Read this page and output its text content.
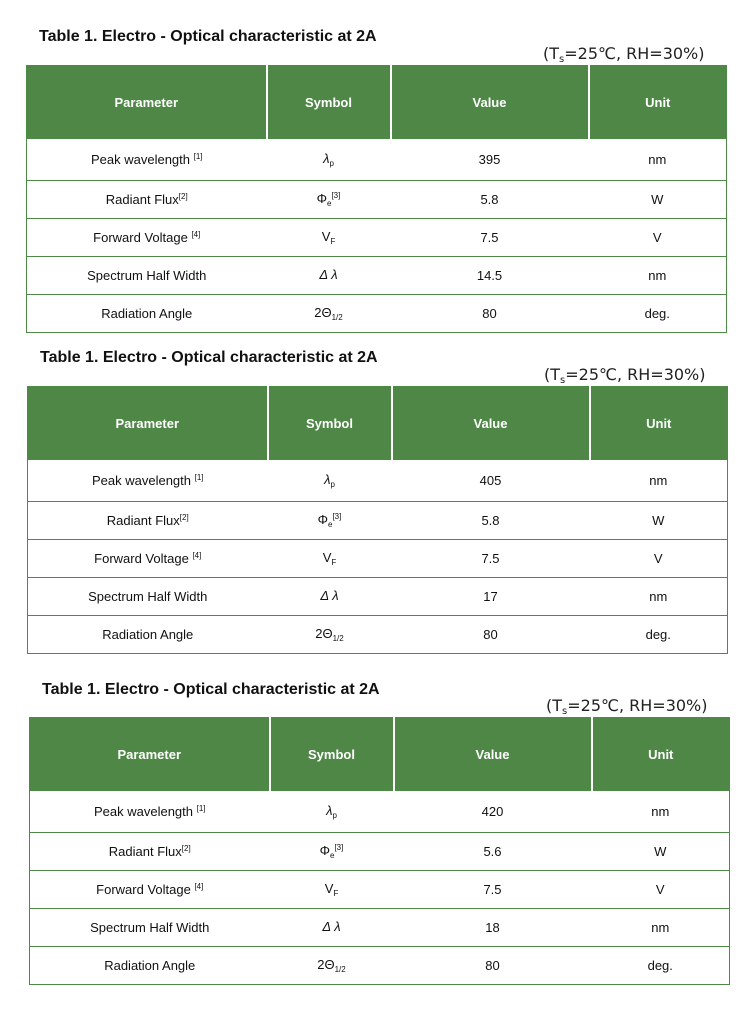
Table 1. Electro - Optical characteristic at 2A
($T_s=25℃$, RH=30%)
Parameter	Symbol	Value	Unit
Peak wavelength [1]	$\lambda_p$	395	nm
Radiant Flux[2]	$\Phi_e[3]$	5.8	W
Forward Voltage [4]	$V_F$	7.5	V
Spectrum Half Width	Δ λ	14.5	nm
Radiation Angle	$2\Theta_{1/2}$	80	deg.
Table 1. Electro - Optical characteristic at 2A
($T_s=25℃$, RH=30%)
Parameter	Symbol	Value	Unit
Peak wavelength [1]	$\lambda_p$	405	nm
Radiant Flux[2]	$\Phi_e[3]$	5.8	W
Forward Voltage [4]	$V_F$	7.5	V
Spectrum Half Width	Δ λ	17	nm
Radiation Angle	$2\Theta_{1/2}$	80	deg.
Table 1. Electro - Optical characteristic at 2A
($T_s=25℃$, RH=30%)
Parameter	Symbol	Value	Unit
Peak wavelength [1]	$\lambda_p$	420	nm
Radiant Flux[2]	$\Phi_e[3]$	5.6	W
Forward Voltage [4]	$V_F$	7.5	V
Spectrum Half Width	Δ λ	18	nm
Radiation Angle	$2\Theta_{1/2}$	80	deg.
